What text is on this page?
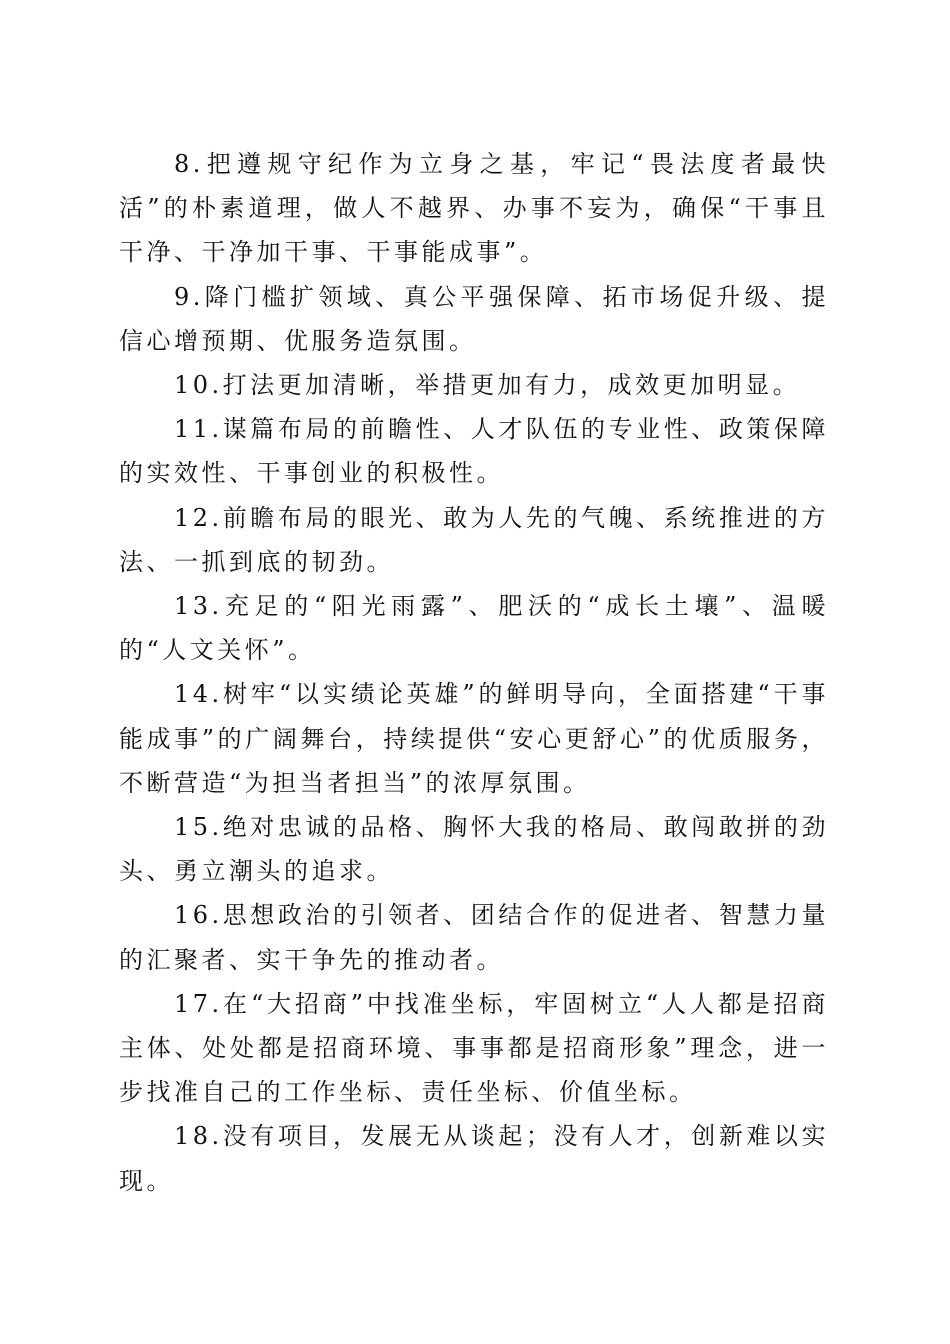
8.把遵规守纪作为立身之基，牢记“畏法度者最快活”的朴素道理，做人不越界、办事不妄为，确保“干事且干净、干净加干事、干事能成事”。

9.降门槛扩领域、真公平强保障、拓市场促升级、提信心增预期、优服务造氛围。

10.打法更加清晰，举措更加有力，成效更加明显。

11.谋篇布局的前瞻性、人才队伍的专业性、政策保障的实效性、干事创业的积极性。

12.前瞻布局的眼光、敢为人先的气魄、系统推进的方法、一抓到底的韧劲。

13.充足的“阳光雨露”、肥沃的“成长土壤”、温暖的“人文关怀”。

14.树牢“以实绩论英雄”的鲜明导向，全面搭建“干事能成事”的广阔舞台，持续提供“安心更舒心”的优质服务，不断营造“为担当者担当”的浓厚氛围。

15.绝对忠诚的品格、胸怀大我的格局、敢闯敢拼的劲头、勇立潮头的追求。

16.思想政治的引领者、团结合作的促进者、智慧力量的汇聚者、实干争先的推动者。

17.在“大招商”中找准坐标，牢固树立“人人都是招商主体、处处都是招商环境、事事都是招商形象”理念，进一步找准自己的工作坐标、责任坐标、价值坐标。

18.没有项目，发展无从谈起；没有人才，创新难以实现。
